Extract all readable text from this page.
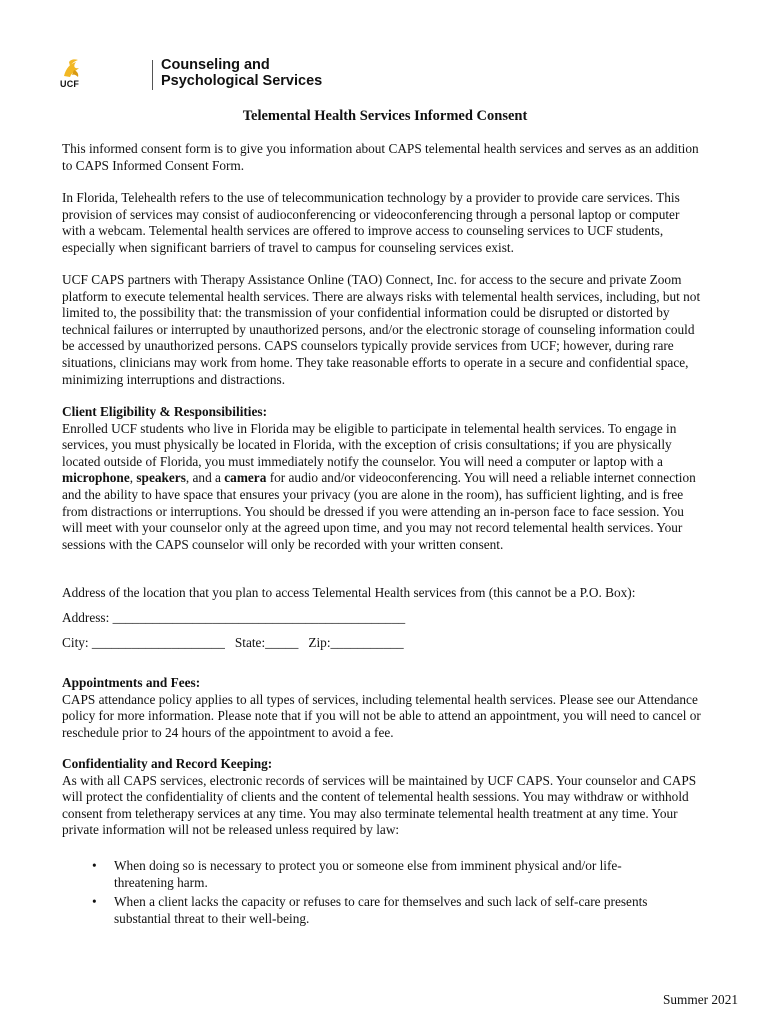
UCF
Counseling and
Psychological Services
Telemental Health Services Informed Consent

This informed consent form is to give you information about CAPS telemental health services and serves as an addition to CAPS Informed Consent Form.

In Florida, Telehealth refers to the use of telecommunication technology by a provider to provide care services. This provision of services may consist of audioconferencing or videoconferencing through a personal laptop or computer with a webcam. Telemental health services are offered to improve access to counseling services to UCF students, especially when significant barriers of travel to campus for counseling services exist.

UCF CAPS partners with Therapy Assistance Online (TAO) Connect, Inc. for access to the secure and private Zoom platform to execute telemental health services. There are always risks with telemental health services, including, but not limited to, the possibility that: the transmission of your confidential information could be disrupted or distorted by technical failures or interrupted by unauthorized persons, and/or the electronic storage of counseling information could be accessed by unauthorized persons. CAPS counselors typically provide services from UCF; however, during rare situations, clinicians may work from home. They take reasonable efforts to operate in a secure and confidential space, minimizing interruptions and distractions.

Client Eligibility & Responsibilities:

Enrolled UCF students who live in Florida may be eligible to participate in telemental health services. To engage in services, you must physically be located in Florida, with the exception of crisis consultations; if you are physically located outside of Florida, you must immediately notify the counselor. You will need a computer or laptop with a microphone, speakers, and a camera for audio and/or videoconferencing. You will need a reliable internet connection and the ability to have space that ensures your privacy (you are alone in the room), has sufficient lighting, and is free from distractions or interruptions. You should be dressed if you were attending an in-person face to face session. You will meet with your counselor only at the agreed upon time, and you may not record telemental health services. Your sessions with the CAPS counselor will only be recorded with your written consent.

Address of the location that you plan to access Telemental Health services from (this cannot be a P.O. Box):
Address: ____________________________________________
City: ____________________   State:_____   Zip:___________

Appointments and Fees:

CAPS attendance policy applies to all types of services, including telemental health services. Please see our Attendance policy for more information. Please note that if you will not be able to attend an appointment, you will need to cancel or reschedule prior to 24 hours of the appointment to avoid a fee.

Confidentiality and Record Keeping:

As with all CAPS services, electronic records of services will be maintained by UCF CAPS. Your counselor and CAPS will protect the confidentiality of clients and the content of telemental health sessions. You may withdraw or withhold consent from teletherapy services at any time. You may also terminate telemental health treatment at any time. Your private information will not be released unless required by law:

• When doing so is necessary to protect you or someone else from imminent physical and/or life- threatening harm.
• When a client lacks the capacity or refuses to care for themselves and such lack of self-care presents substantial threat to their well-being.
Summer 2021
